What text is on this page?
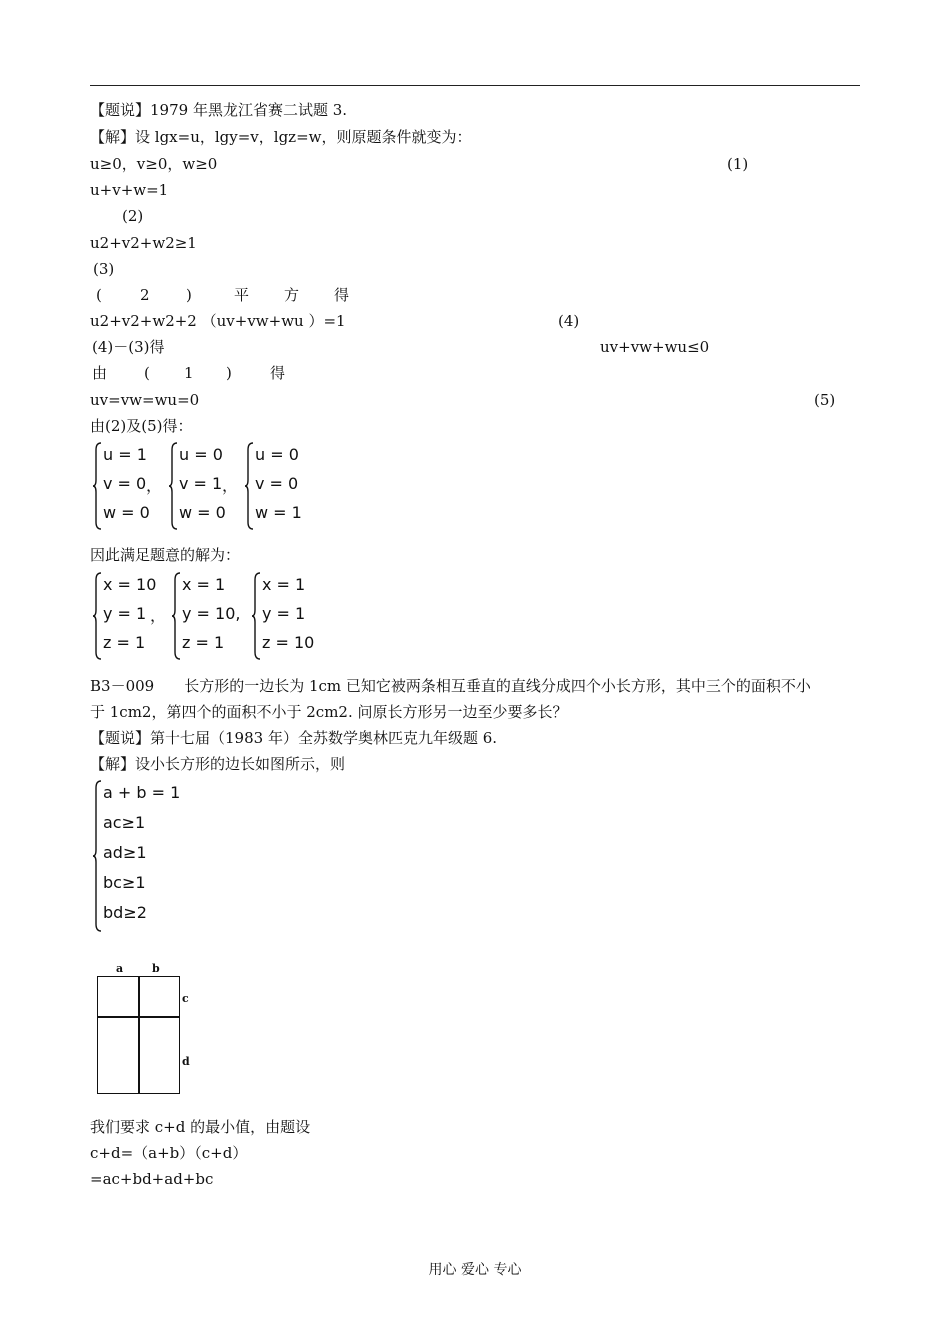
【题说】1979 年黑龙江省赛二试题 3.
【解】设 lgx=u，lgy=v，lgz=w，则原题条件就变为：
u≥0，v≥0，w≥0	(1)
u+v+w=1
(2)
u2+v2+w2≥1
(3)
(	2 )	平 方 得
u2+v2+w2+2 （uv+vw+wu ）=1	(4)
(4)－(3)得	uv+vw+wu≤0
由 ( 1 )	得
uv=vw=wu=0	(5)
由(2)及(5)得：
u = 1
v = 0
w = 0
，
u = 0
v = 1
w = 0
，
u = 0
v = 0
w = 1
因此满足题意的解为：
x = 10
y = 1
z = 1
，
x = 1
y = 10,
z = 1
x = 1
y = 1
z = 10
B3－009　　长方形的一边长为 1cm 已知它被两条相互垂直的直线分成四个小长方形，其中三个的面积不小
于 1cm2，第四个的面积不小于 2cm2. 问原长方形另一边至少要多长？
【题说】第十七届（1983 年）全苏数学奥林匹克九年级题 6.
【解】设小长方形的边长如图所示，则
a + b = 1
ac≥1
ad≥1
bc≥1
bd≥2
a	b
c
d
我们要求 c+d 的最小值，由题设
c+d=（a+b）（c+d）
=ac+bd+ad+bc
用心 爱心 专心
